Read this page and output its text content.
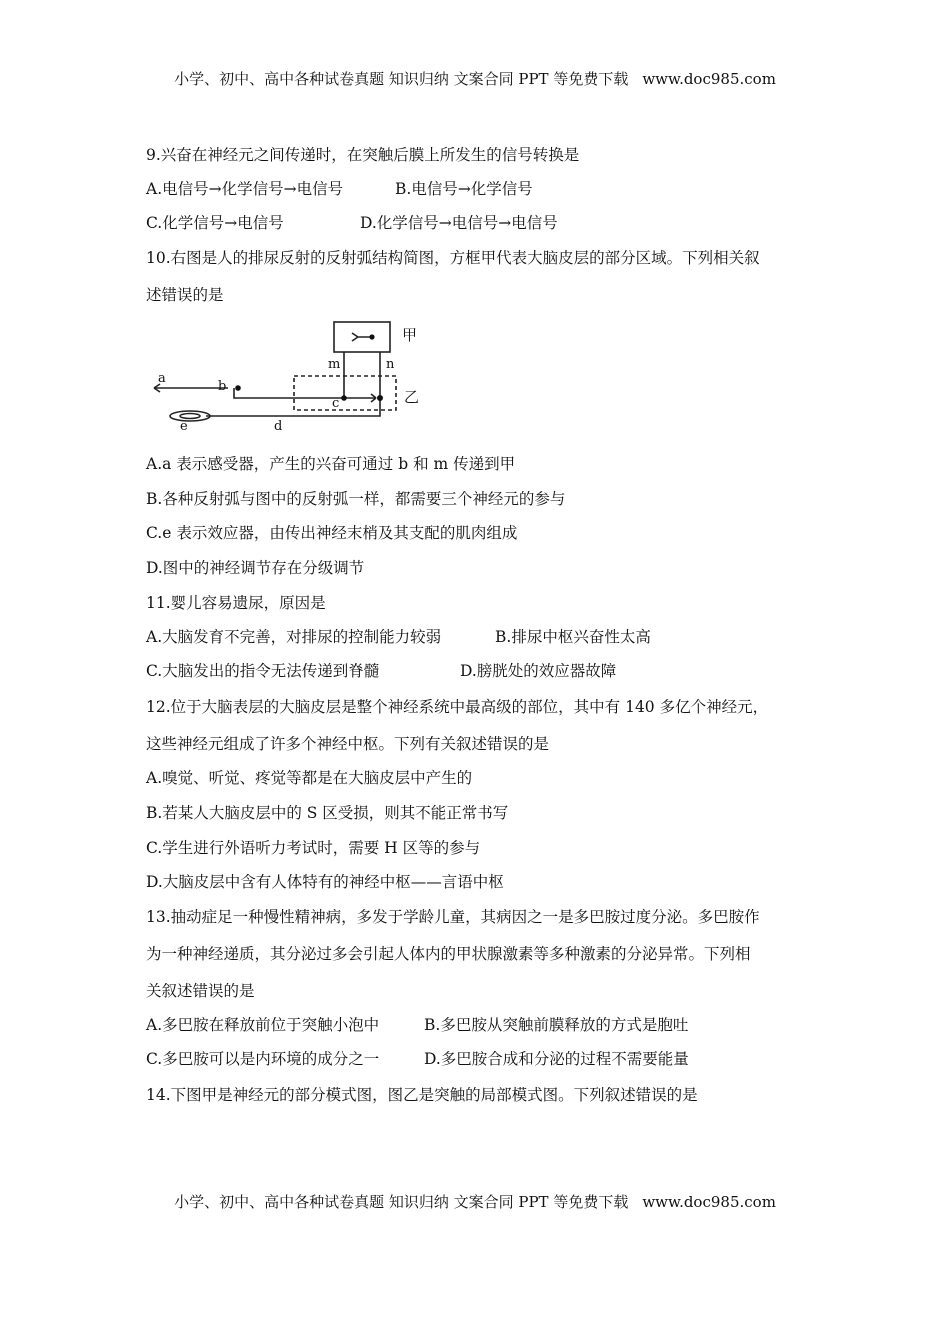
小学、初中、高中各种试卷真题 知识归纳 文案合同 PPT 等免费下载 www.doc985.com
9.兴奋在神经元之间传递时，在突触后膜上所发生的信号转换是
A.电信号→化学信号→电信号	B.电信号→化学信号
C.化学信号→电信号	D.化学信号→电信号→电信号
10.右图是人的排尿反射的反射弧结构简图，方框甲代表大脑皮层的部分区域。下列相关叙
述错误的是
a
b
c
d
e
m	n
甲
乙
A.a 表示感受器，产生的兴奋可通过 b 和 m 传递到甲
B.各种反射弧与图中的反射弧一样，都需要三个神经元的参与
C.e 表示效应器，由传出神经末梢及其支配的肌肉组成
D.图中的神经调节存在分级调节
11.婴儿容易遗尿，原因是
A.大脑发育不完善，对排尿的控制能力较弱	B.排尿中枢兴奋性太高
C.大脑发出的指令无法传递到脊髓	D.膀胱处的效应器故障
12.位于大脑表层的大脑皮层是整个神经系统中最高级的部位，其中有 140 多亿个神经元，
这些神经元组成了许多个神经中枢。下列有关叙述错误的是
A.嗅觉、听觉、疼觉等都是在大脑皮层中产生的
B.若某人大脑皮层中的 S 区受损，则其不能正常书写
C.学生进行外语听力考试时，需要 H 区等的参与
D.大脑皮层中含有人体特有的神经中枢——言语中枢
13.抽动症足一种慢性精神病，多发于学龄儿童，其病因之一是多巴胺过度分泌。多巴胺作
为一种神经递质，其分泌过多会引起人体内的甲状腺激素等多种激素的分泌异常。下列相
关叙述错误的是
A.多巴胺在释放前位于突触小泡中	B.多巴胺从突触前膜释放的方式是胞吐
C.多巴胺可以是内环境的成分之一	D.多巴胺合成和分泌的过程不需要能量
14.下图甲是神经元的部分模式图，图乙是突触的局部模式图。下列叙述错误的是
小学、初中、高中各种试卷真题 知识归纳 文案合同 PPT 等免费下载 www.doc985.com
